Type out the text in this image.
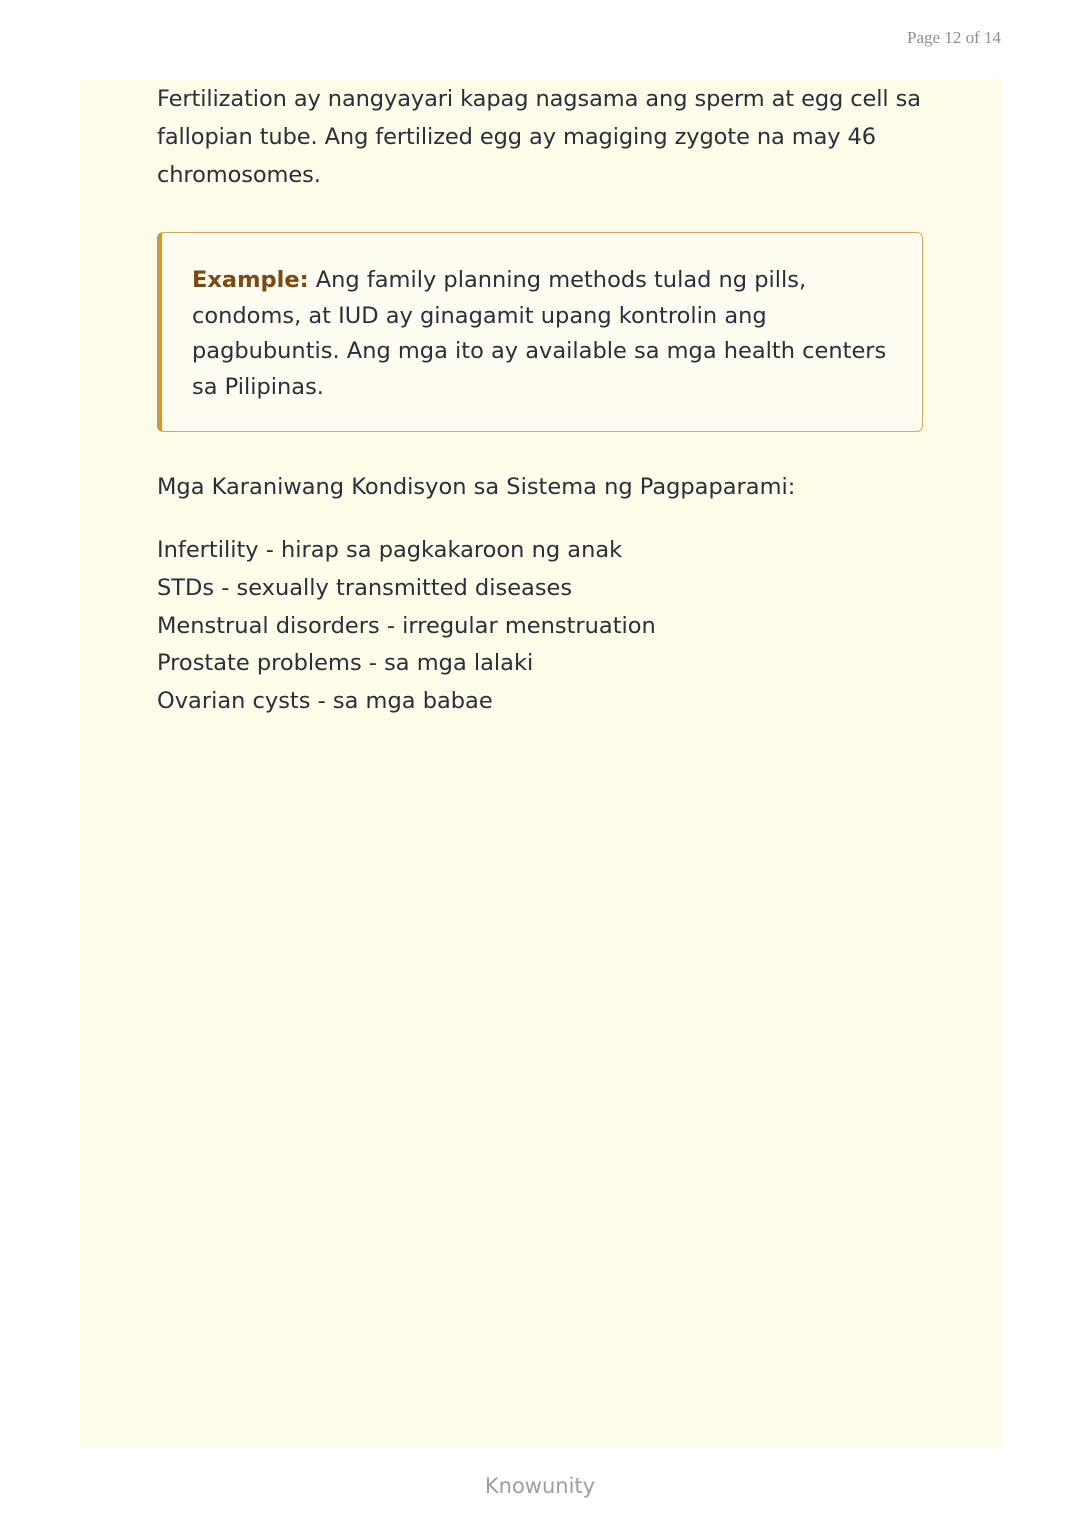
Page 12 of 14

Fertilization ay nangyayari kapag nagsama ang sperm at egg cell sa fallopian tube. Ang fertilized egg ay magiging zygote na may 46 chromosomes.

Example: Ang family planning methods tulad ng pills, condoms, at IUD ay ginagamit upang kontrolin ang pagbubuntis. Ang mga ito ay available sa mga health centers sa Pilipinas.

Mga Karaniwang Kondisyon sa Sistema ng Pagpaparami:

Infertility - hirap sa pagkakaroon ng anak
STDs - sexually transmitted diseases
Menstrual disorders - irregular menstruation
Prostate problems - sa mga lalaki
Ovarian cysts - sa mga babae
Knowunity
